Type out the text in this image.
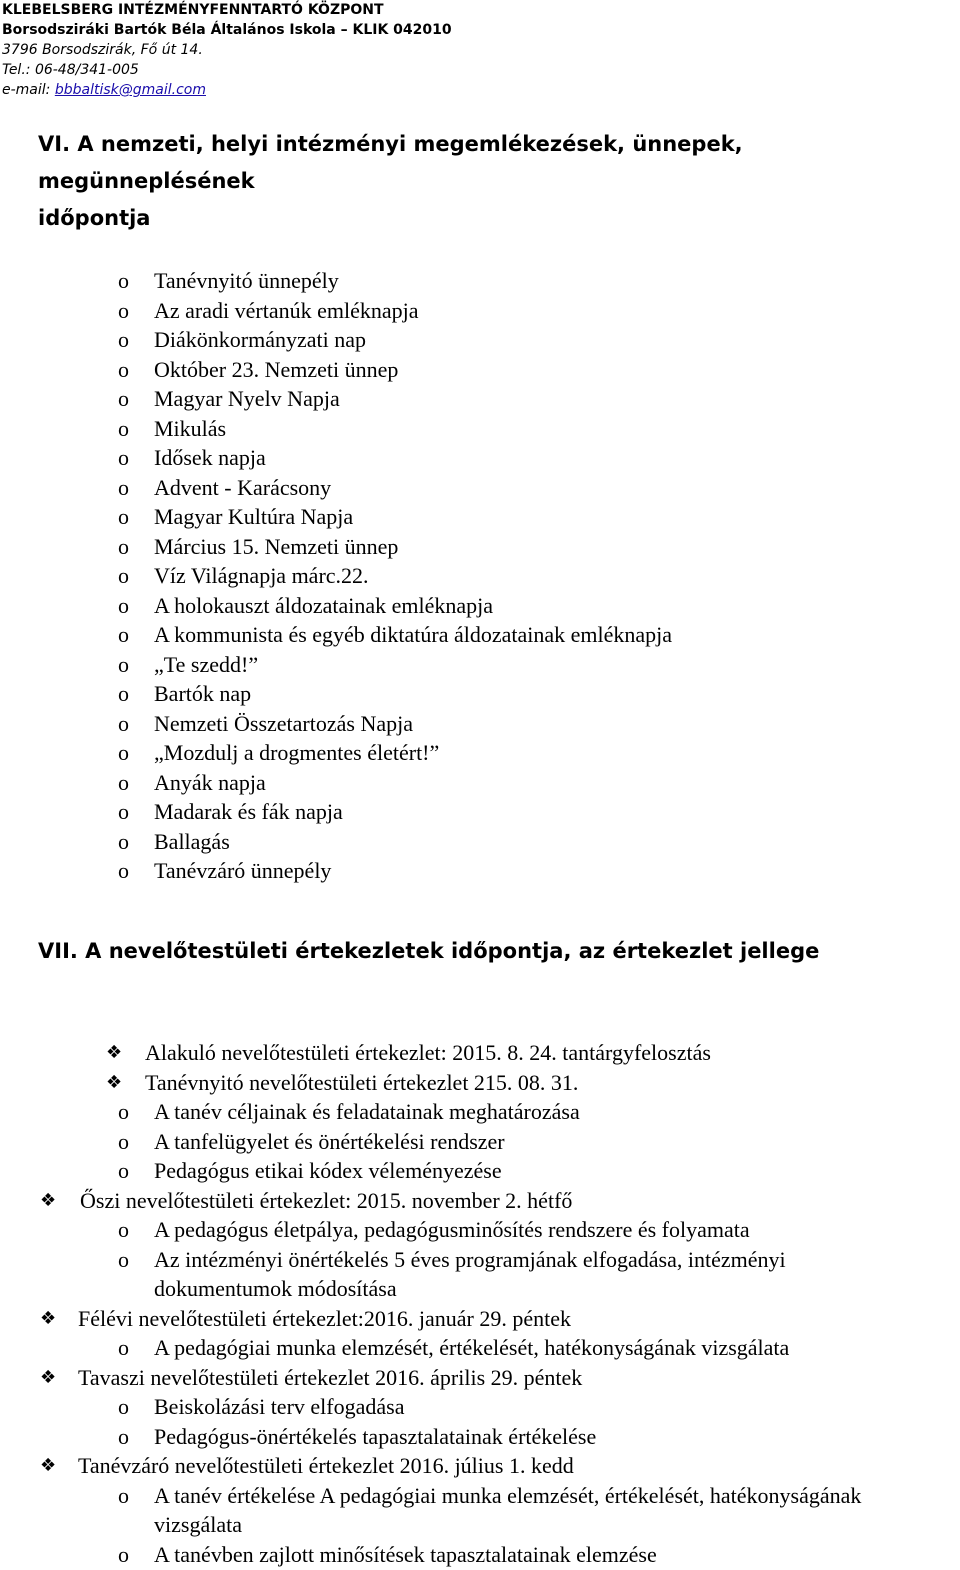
KLEBELSBERG INTÉZMÉNYFENNTARTÓ KÖZPONT
Borsodsziráki Bartók Béla Általános Iskola – KLIK 042010
3796 Borsodszirák, Fő út 14.
Tel.: 06-48/341-005
e-mail: bbbaltisk@gmail.com
VI. A nemzeti, helyi intézményi megemlékezések, ünnepek, megünneplésének
időpontja
o Tanévnyitó ünnepély
o Az aradi vértanúk emléknapja
o Diákönkormányzati nap
o Október 23. Nemzeti ünnep
o Magyar Nyelv Napja
o Mikulás
o Idősek napja
o Advent - Karácsony
o Magyar Kultúra Napja
o Március 15. Nemzeti ünnep
o Víz Világnapja márc.22.
o A holokauszt áldozatainak emléknapja
o A kommunista és egyéb diktatúra áldozatainak emléknapja
o „Te szedd!”
o Bartók nap
o Nemzeti Összetartozás Napja
o „Mozdulj a drogmentes életért!”
o Anyák napja
o Madarak és fák napja
o Ballagás
o Tanévzáró ünnepély
VII. A nevelőtestületi értekezletek időpontja, az értekezlet jellege
❖ Alakuló nevelőtestületi értekezlet: 2015. 8. 24. tantárgyfelosztás
❖ Tanévnyitó nevelőtestületi értekezlet 215. 08. 31.
o A tanév céljainak és feladatainak meghatározása
o A tanfelügyelet és önértékelési rendszer
o Pedagógus etikai kódex véleményezése
❖ Őszi nevelőtestületi értekezlet: 2015. november 2. hétfő
o A pedagógus életpálya, pedagógusminősítés rendszere és folyamata
o Az intézményi önértékelés 5 éves programjának elfogadása, intézményi
dokumentumok módosítása
❖ Félévi nevelőtestületi értekezlet:2016. január 29. péntek
o A pedagógiai munka elemzését, értékelését, hatékonyságának vizsgálata
❖ Tavaszi nevelőtestületi értekezlet 2016. április 29. péntek
o Beiskolázási terv elfogadása
o Pedagógus-önértékelés tapasztalatainak értékelése
❖ Tanévzáró nevelőtestületi értekezlet 2016. július 1. kedd
o A tanév értékelése A pedagógiai munka elemzését, értékelését, hatékonyságának
vizsgálata
o A tanévben zajlott minősítések tapasztalatainak elemzése
